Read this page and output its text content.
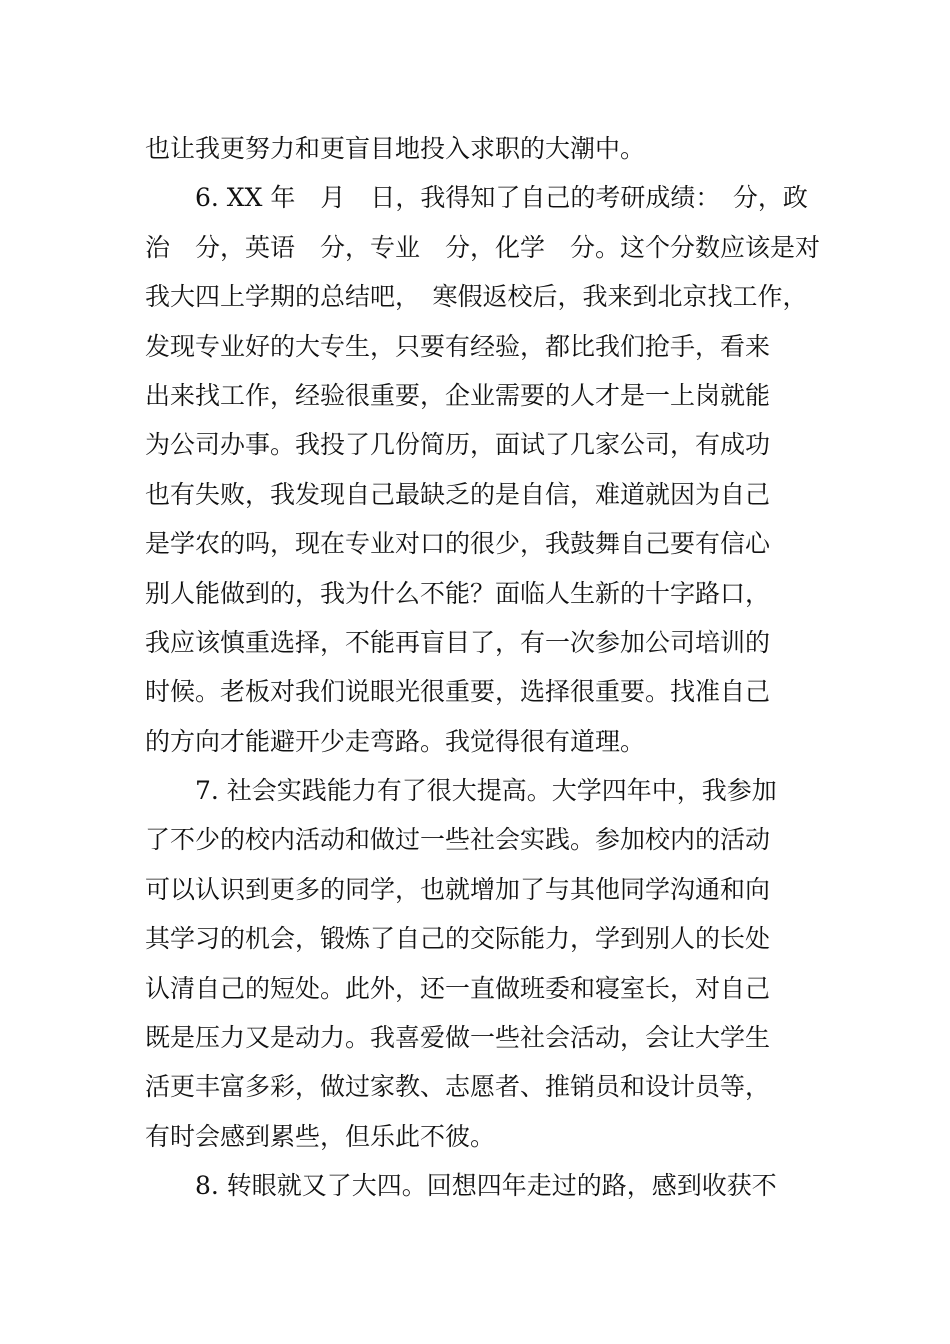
也让我更努力和更盲目地投入求职的大潮中。
6. XX 年　月　日，我得知了自己的考研成绩：　分，政
治　分，英语　分，专业　分，化学　分。这个分数应该是对
我大四上学期的总结吧，　寒假返校后，我来到北京找工作，
发现专业好的大专生，只要有经验，都比我们抢手，看来
出来找工作，经验很重要，企业需要的人才是一上岗就能
为公司办事。我投了几份简历，面试了几家公司，有成功
也有失败，我发现自己最缺乏的是自信，难道就因为自己
是学农的吗，现在专业对口的很少，我鼓舞自己要有信心
别人能做到的，我为什么不能？面临人生新的十字路口，
我应该慎重选择，不能再盲目了，有一次参加公司培训的
时候。老板对我们说眼光很重要，选择很重要。找准自己
的方向才能避开少走弯路。我觉得很有道理。
7. 社会实践能力有了很大提高。大学四年中，我参加
了不少的校内活动和做过一些社会实践。参加校内的活动
可以认识到更多的同学，也就增加了与其他同学沟通和向
其学习的机会，锻炼了自己的交际能力，学到别人的长处
认清自己的短处。此外，还一直做班委和寝室长，对自己
既是压力又是动力。我喜爱做一些社会活动，会让大学生
活更丰富多彩，做过家教、志愿者、推销员和设计员等，
有时会感到累些，但乐此不彼。
8. 转眼就又了大四。回想四年走过的路，感到收获不
